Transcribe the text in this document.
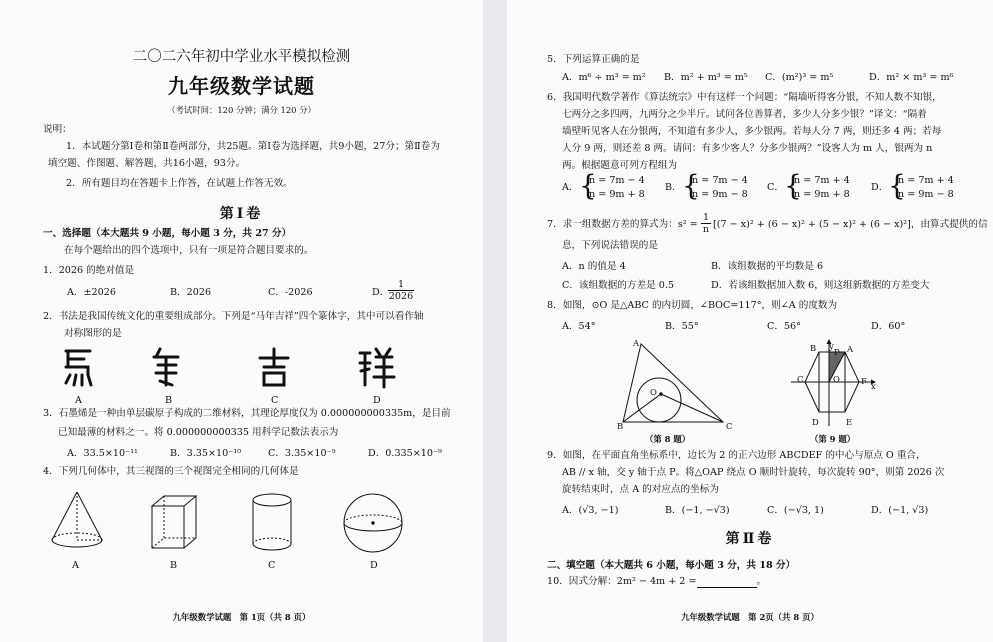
二〇二六年初中学业水平模拟检测
九年级数学试题
（考试时间：120 分钟；满分 120 分）
说明：
1．本试题分第Ⅰ卷和第Ⅱ卷两部分，共25题。第Ⅰ卷为选择题，共9小题，27分；第Ⅱ卷为
填空题、作图题、解答题，共16小题，93分。
2．所有题目均在答题卡上作答，在试题上作答无效。
第Ⅰ卷
一、选择题（本大题共 9 小题，每小题 3 分，共 27 分）
在每个题给出的四个选项中，只有一项是符合题目要求的。
1．2026 的绝对值是
A．±2026	B．2026	C．-2026	D．
$\frac{1}{2026}$
2．书法是我国传统文化的重要组成部分。下列是“马年吉祥”四个篆体字，其中可以看作轴
对称图形的是
A	B	C	D
3．石墨烯是一种由单层碳原子构成的二维材料，其理论厚度仅为 0.000000000335m，是目前
已知最薄的材料之一。将 0.000000000335 用科学记数法表示为
A．33.5×10⁻¹¹	B．3.35×10⁻¹⁰	C．3.35×10⁻⁹	D．0.335×10⁻⁹
4．下列几何体中，其三视图的三个视图完全相同的几何体是
A	B	C	D
九年级数学试题　第 1页（共 8 页）
5．下列运算正确的是
A．m⁶ ÷ m³ = m² B．m² + m³ = m⁵ C．(m²)³ = m⁵	D．m² × m³ = m⁶
6．我国明代数学著作《算法统宗》中有这样一个问题：“隔墙听得客分银，不知人数不知银，
七两分之多四两，九两分之少半斤。试问各位善算者，多少人分多少银？”译文：“隔着
墙壁听见客人在分银两，不知道有多少人，多少银两。若每人分 7 两，则还多 4 两；若每
人分 9 两，则还差 8 两。请问：有多少客人？分多少银两？”设客人为 m 人，银两为 n
两。根据题意可列方程组为
A． {
n = 7m − 4
n = 9m + 8
B． {
n = 7m − 4
n = 9m − 8
C． {
n = 7m + 4
n = 9m + 8
D． {
n = 7m + 4
n = 9m − 8
7．求一组数据方差的算式为：$s^2 = \frac{1}{n} [(7 - x)^2 + (6 - x)^2 + (5 - x)^2 + (6 - x)^2]$，由算式提供的信
息，下列说法错误的是
A．n 的值是 4	B．该组数据的平均数是 6
C．该组数据的方差是 0.5	D．若该组数据加入数 6，则这组新数据的方差变大
8．如图，⊙O 是△ABC 的内切圆，∠BOC=117°，则∠A 的度数为
A．54°	B．55°	C．56°	D．60°
A
B	C
O
（第 8 题）
B y
P A
C	O	F x
D	E
（第 9 题）
9．如图，在平面直角坐标系中，边长为 2 的正六边形 ABCDEF 的中心与原点 O 重合，
AB // x 轴，交 y 轴于点 P。将△OAP 绕点 O 顺时针旋转，每次旋转 90°，则第 2026 次
旋转结束时，点 A 的对应点的坐标为
A．(√3, −1)	B．(−1, −√3)	C．(−√3, 1)	D．(−1, √3)
第Ⅱ卷
二、填空题（本大题共 6 小题，每小题 3 分，共 18 分）
10．因式分解：2m² − 4m + 2 =	。
九年级数学试题　第 2页（共 8 页）
